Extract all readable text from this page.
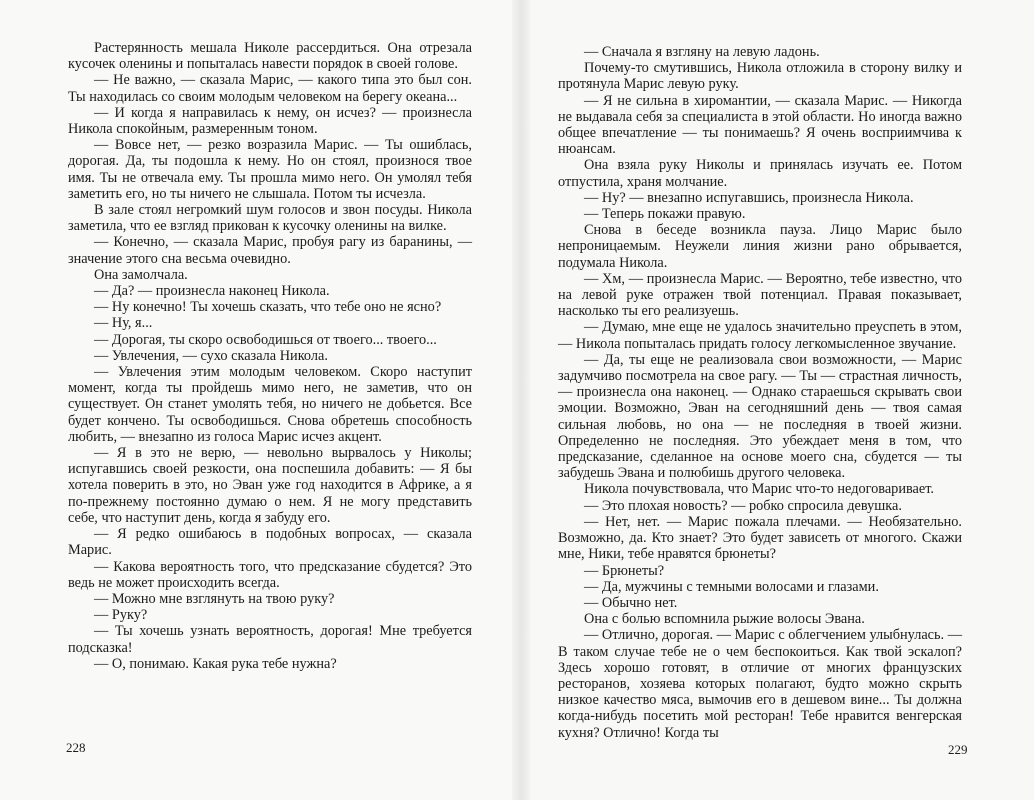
Растерянность мешала Николе рассердиться. Она отрезала кусочек оленины и попыталась навести порядок в своей голове.

— Не важно, — сказала Марис, — какого типа это был сон. Ты находилась со своим молодым человеком на берегу океана...

— И когда я направилась к нему, он исчез? — произнесла Никола спокойным, размеренным тоном.

— Вовсе нет, — резко возразила Марис. — Ты ошиблась, дорогая. Да, ты подошла к нему. Но он стоял, произнося твое имя. Ты не отвечала ему. Ты прошла мимо него. Он умолял тебя заметить его, но ты ничего не слышала. Потом ты исчезла.

В зале стоял негромкий шум голосов и звон посуды. Никола заметила, что ее взгляд прикован к кусочку оленины на вилке.

— Конечно, — сказала Марис, пробуя рагу из баранины, — значение этого сна весьма очевидно.

Она замолчала.

— Да? — произнесла наконец Никола.

— Ну конечно! Ты хочешь сказать, что тебе оно не ясно?

— Ну, я...

— Дорогая, ты скоро освободишься от твоего... твоего...

— Увлечения, — сухо сказала Никола.

— Увлечения этим молодым человеком. Скоро наступит момент, когда ты пройдешь мимо него, не заметив, что он существует. Он станет умолять тебя, но ничего не добьется. Все будет кончено. Ты освободишься. Снова обретешь способность любить, — внезапно из голоса Марис исчез акцент.

— Я в это не верю, — невольно вырвалось у Николы; испугавшись своей резкости, она поспешила добавить: — Я бы хотела поверить в это, но Эван уже год находится в Африке, а я по-прежнему постоянно думаю о нем. Я не могу представить себе, что наступит день, когда я забуду его.

— Я редко ошибаюсь в подобных вопросах, — сказала Марис.

— Какова вероятность того, что предсказание сбудется? Это ведь не может происходить всегда.

— Можно мне взглянуть на твою руку?

— Руку?

— Ты хочешь узнать вероятность, дорогая! Мне требуется подсказка!

— О, понимаю. Какая рука тебе нужна?

228

— Сначала я взгляну на левую ладонь.

Почему-то смутившись, Никола отложила в сторону вилку и протянула Марис левую руку.

— Я не сильна в хиромантии, — сказала Марис. — Никогда не выдавала себя за специалиста в этой области. Но иногда важно общее впечатление — ты понимаешь? Я очень восприимчива к нюансам.

Она взяла руку Николы и принялась изучать ее. Потом отпустила, храня молчание.

— Ну? — внезапно испугавшись, произнесла Никола.

— Теперь покажи правую.

Снова в беседе возникла пауза. Лицо Марис было непроницаемым. Неужели линия жизни рано обрывается, подумала Никола.

— Хм, — произнесла Марис. — Вероятно, тебе известно, что на левой руке отражен твой потенциал. Правая показывает, насколько ты его реализуешь.

— Думаю, мне еще не удалось значительно преуспеть в этом, — Никола попыталась придать голосу легкомысленное звучание.

— Да, ты еще не реализовала свои возможности, — Марис задумчиво посмотрела на свое рагу. — Ты — страстная личность, — произнесла она наконец. — Однако стараешься скрывать свои эмоции. Возможно, Эван на сегодняшний день — твоя самая сильная любовь, но она — не последняя в твоей жизни. Определенно не последняя. Это убеждает меня в том, что предсказание, сделанное на основе моего сна, сбудется — ты забудешь Эвана и полюбишь другого человека.

Никола почувствовала, что Марис что-то недоговаривает.

— Это плохая новость? — робко спросила девушка.

— Нет, нет. — Марис пожала плечами. — Необязательно. Возможно, да. Кто знает? Это будет зависеть от многого. Скажи мне, Ники, тебе нравятся брюнеты?

— Брюнеты?

— Да, мужчины с темными волосами и глазами.

— Обычно нет.

Она с болью вспомнила рыжие волосы Эвана.

— Отлично, дорогая. — Марис с облегчением улыбнулась. — В таком случае тебе не о чем беспокоиться. Как твой эскалоп? Здесь хорошо готовят, в отличие от многих французских ресторанов, хозяева которых полагают, будто можно скрыть низкое качество мяса, вымочив его в дешевом вине... Ты должна когда-нибудь посетить мой ресторан! Тебе нравится венгерская кухня? Отлично! Когда ты

229
